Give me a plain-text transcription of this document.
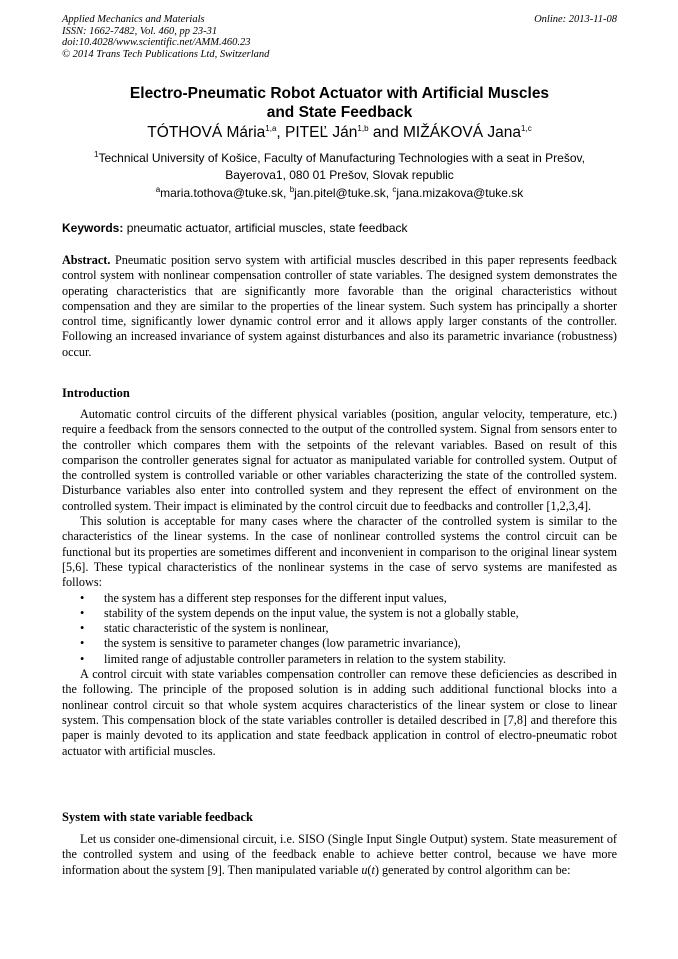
Applied Mechanics and Materials
ISSN: 1662-7482, Vol. 460, pp 23-31
doi:10.4028/www.scientific.net/AMM.460.23
© 2014 Trans Tech Publications Ltd, Switzerland
Online: 2013-11-08
Electro-Pneumatic Robot Actuator with Artificial Muscles
and State Feedback
TÓTHOVÁ Mária$^{1,a}$, PITEĽ Ján$^{1,b}$ and MIŽÁKOVÁ Jana$^{1,c}$
$^1$Technical University of Košice, Faculty of Manufacturing Technologies with a seat in Prešov,
Bayerova1, 080 01 Prešov, Slovak republic
$^a$maria.tothova@tuke.sk, $^b$jan.pitel@tuke.sk, $^c$jana.mizakova@tuke.sk
Keywords: pneumatic actuator, artificial muscles, state feedback

Abstract. Pneumatic position servo system with artificial muscles described in this paper represents feedback control system with nonlinear compensation controller of state variables. The designed system demonstrates the operating characteristics that are significantly more favorable than the original characteristics without compensation and they are similar to the properties of the linear system. Such system has principally a shorter control time, significantly lower dynamic control error and it allows apply larger constants of the controller. Following an increased invariance of system against disturbances and also its parametric invariance (robustness) occur.

Introduction

Automatic control circuits of the different physical variables (position, angular velocity, temperature, etc.) require a feedback from the sensors connected to the output of the controlled system. Signal from sensors enter to the controller which compares them with the setpoints of the relevant variables. Based on result of this comparison the controller generates signal for actuator as manipulated variable for controlled system. Output of the controlled system is controlled variable or other variables characterizing the state of the controlled system. Disturbance variables also enter into controlled system and they represent the effect of environment on the controlled system. Their impact is eliminated by the control circuit due to feedbacks and controller [1,2,3,4].

This solution is acceptable for many cases where the character of the controlled system is similar to the characteristics of the linear systems. In the case of nonlinear controlled systems the control circuit can be functional but its properties are sometimes different and inconvenient in comparison to the original linear system [5,6]. These typical characteristics of the nonlinear systems in the case of servo systems are manifested as follows:

• the system has a different step responses for the different input values,
• stability of the system depends on the input value, the system is not a globally stable,
• static characteristic of the system is nonlinear,
• the system is sensitive to parameter changes (low parametric invariance),
• limited range of adjustable controller parameters in relation to the system stability.

A control circuit with state variables compensation controller can remove these deficiencies as described in the following. The principle of the proposed solution is in adding such additional functional blocks into a nonlinear control circuit so that whole system acquires characteristics of the linear system or close to linear system. This compensation block of the state variables controller is detailed described in [7,8] and therefore this paper is mainly devoted to its application and state feedback application in control of electro-pneumatic robot actuator with artificial muscles.

System with state variable feedback

Let us consider one-dimensional circuit, i.e. SISO (Single Input Single Output) system. State measurement of the controlled system and using of the feedback enable to achieve better control, because we have more information about the system [9]. Then manipulated variable u(t) generated by control algorithm can be:
